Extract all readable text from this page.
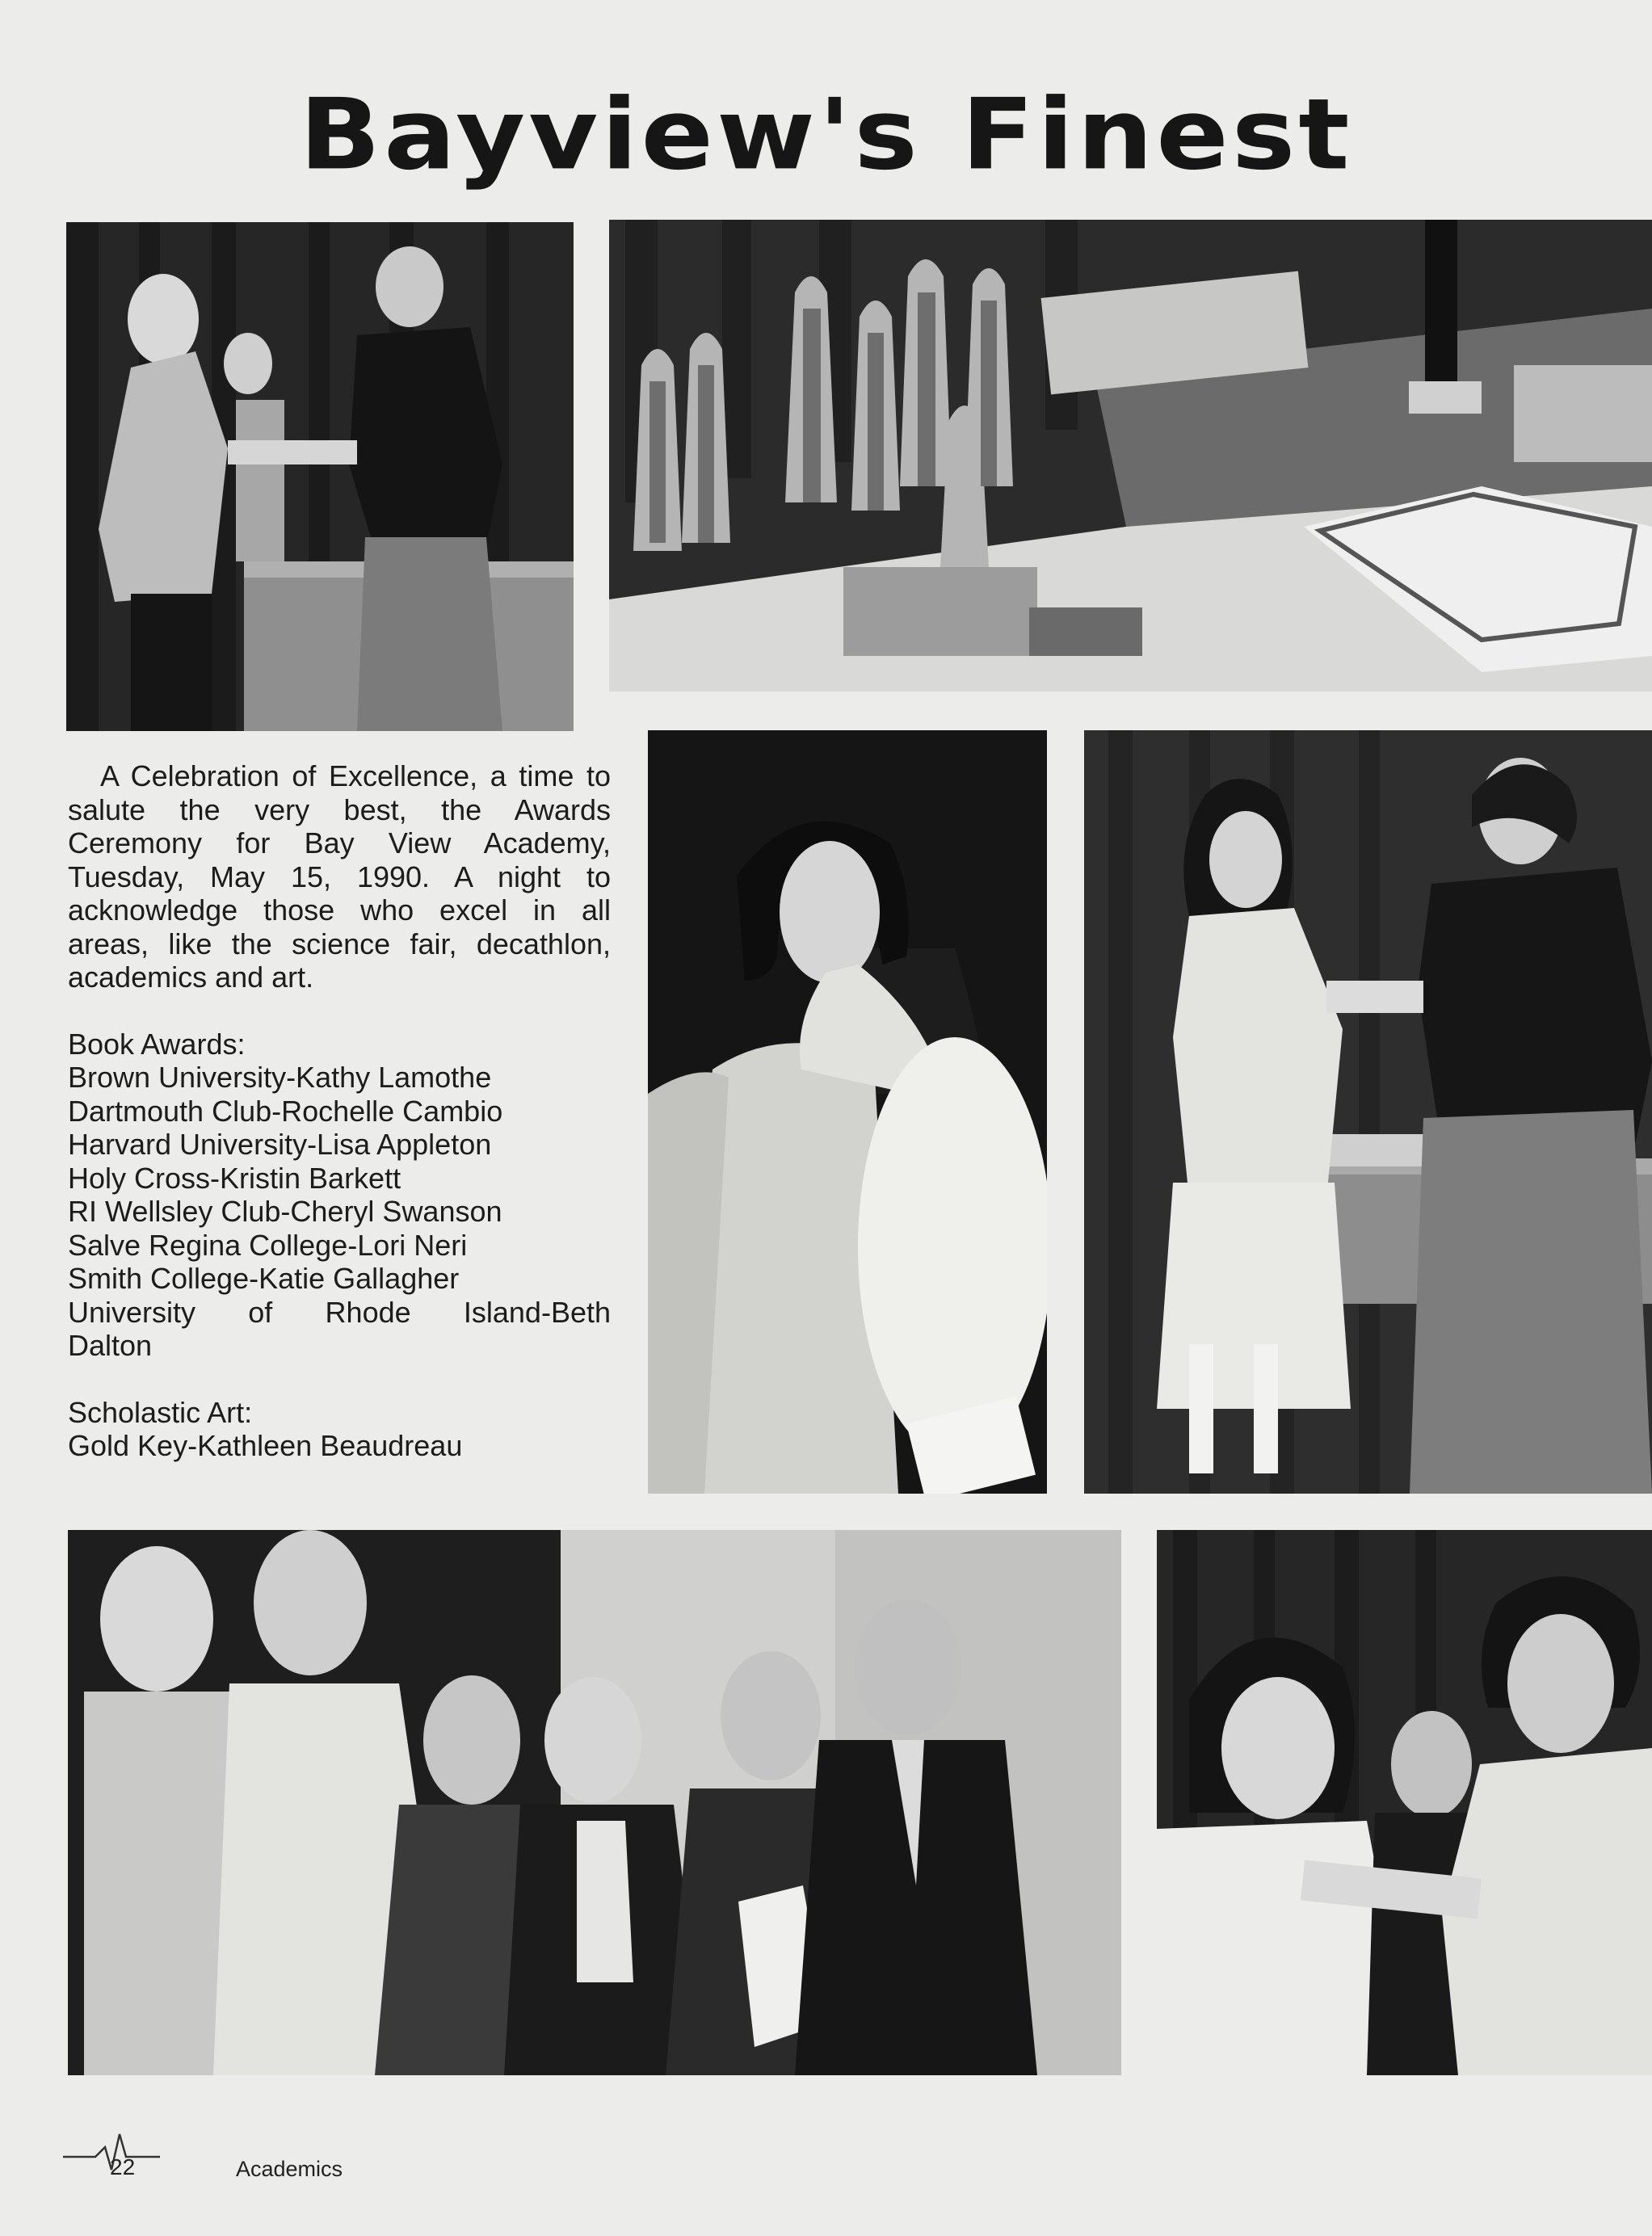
Bayview's Finest

A Celebration of Excellence, a time to salute the very best, the Awards Ceremony for Bay View Academy, Tuesday, May 15, 1990. A night to acknowledge those who excel in all areas, like the science fair, decathlon, academics and art.

Book Awards:
Brown University-Kathy Lamothe
Dartmouth Club-Rochelle Cambio
Harvard University-Lisa Appleton
Holy Cross-Kristin Barkett
RI Wellsley Club-Cheryl Swanson
Salve Regina College-Lori Neri
Smith College-Katie Gallagher
University of Rhode Island-Beth
Dalton
Scholastic Art:
Gold Key-Kathleen Beaudreau
22	Academics
